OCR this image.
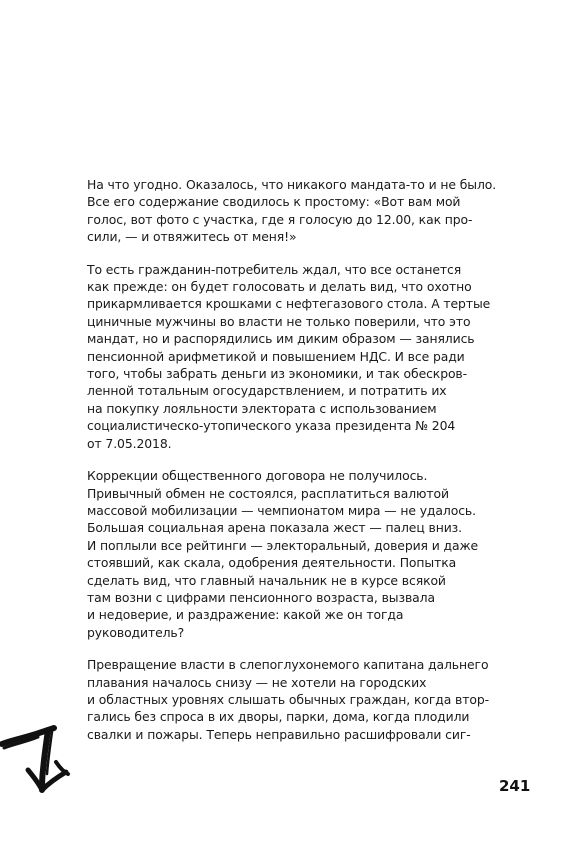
На что угодно. Оказалось, что никакого мандата-то и не было.
Все его содержание сводилось к простому: «Вот вам мой
голос, вот фото с участка, где я голосую до 12.00, как про-
сили, — и отвяжитесь от меня!»

То есть гражданин-потребитель ждал, что все останется
как прежде: он будет голосовать и делать вид, что охотно
прикармливается крошками с нефтегазового стола. А тертые
циничные мужчины во власти не только поверили, что это
мандат, но и распорядились им диким образом — занялись
пенсионной арифметикой и повышением НДС. И все ради
того, чтобы забрать деньги из экономики, и так обескров-
ленной тотальным огосударствлением, и потратить их
на покупку лояльности электората с использованием
социалистическо-утопического указа президента № 204
от 7.05.2018.

Коррекции общественного договора не получилось.
Привычный обмен не состоялся, расплатиться валютой
массовой мобилизации — чемпионатом мира — не удалось.
Большая социальная арена показала жест — палец вниз.
И поплыли все рейтинги — электоральный, доверия и даже
стоявший, как скала, одобрения деятельности. Попытка
сделать вид, что главный начальник не в курсе всякой
там возни с цифрами пенсионного возраста, вызвала
и недоверие, и раздражение: какой же он тогда
руководитель?

Превращение власти в слепоглухонемого капитана дальнего
плавания началось снизу — не хотели на городских
и областных уровнях слышать обычных граждан, когда втор-
гались без спроса в их дворы, парки, дома, когда плодили
свалки и пожары. Теперь неправильно расшифровали сиг-

241
